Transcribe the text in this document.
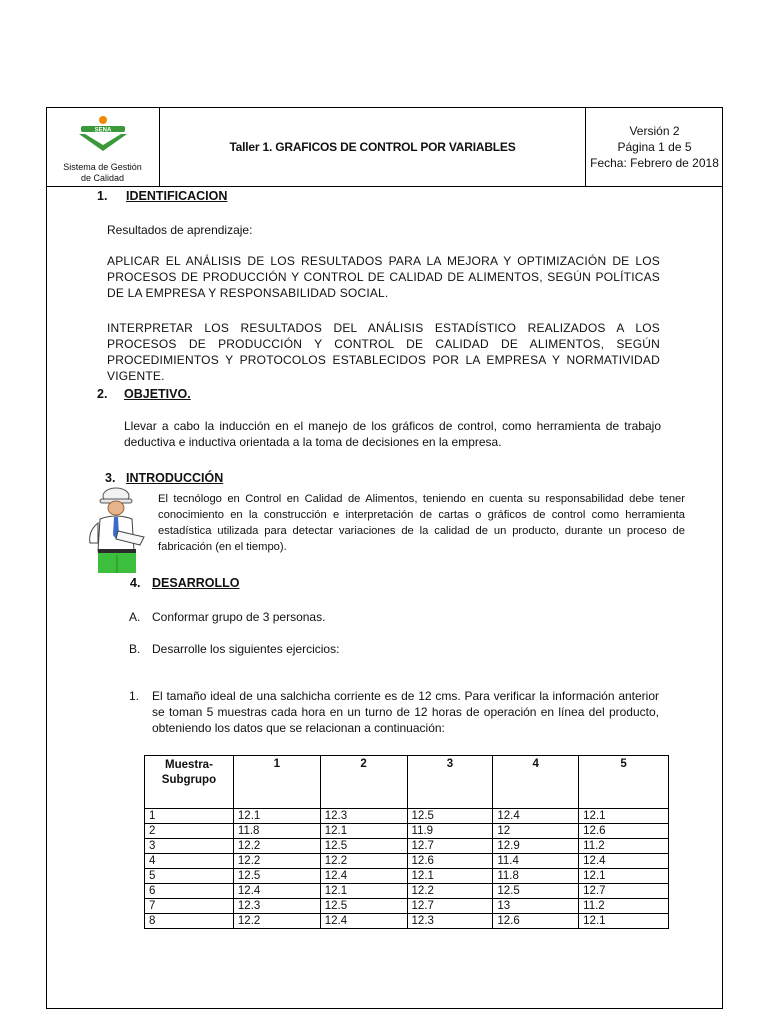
SENA
Sistema de Gestión
de Calidad
Taller 1. GRAFICOS DE CONTROL POR VARIABLES
Versión 2
Página 1 de 5
Fecha: Febrero de 2018
1. IDENTIFICACION
Resultados de aprendizaje:
APLICAR EL ANÁLISIS DE LOS RESULTADOS PARA LA MEJORA Y OPTIMIZACIÓN DE LOS PROCESOS DE PRODUCCIÓN Y CONTROL DE CALIDAD DE ALIMENTOS, SEGÚN POLÍTICAS DE LA EMPRESA Y RESPONSABILIDAD SOCIAL.
INTERPRETAR LOS RESULTADOS DEL ANÁLISIS ESTADÍSTICO REALIZADOS A LOS PROCESOS DE PRODUCCIÓN Y CONTROL DE CALIDAD DE ALIMENTOS, SEGÚN PROCEDIMIENTOS Y PROTOCOLOS ESTABLECIDOS POR LA EMPRESA Y NORMATIVIDAD VIGENTE.
2. OBJETIVO.
Llevar a cabo la inducción en el manejo de los gráficos de control, como herramienta de trabajo deductiva e inductiva orientada a la toma de decisiones en la empresa.
3. INTRODUCCIÓN
El tecnólogo en Control en Calidad de Alimentos, teniendo en cuenta su responsabilidad debe tener conocimiento en la construcción e interpretación de cartas o gráficos de control como herramienta estadística utilizada para detectar variaciones de la calidad de un producto, durante un proceso de fabricación (en el tiempo).
4. DESARROLLO
A. Conformar grupo de 3 personas.
B. Desarrolle los siguientes ejercicios:
1. El tamaño ideal de una salchicha corriente es de 12 cms. Para verificar la información anterior se toman 5 muestras cada hora en un turno de 12 horas de operación en línea del producto, obteniendo los datos que se relacionan a continuación:
Muestra-
Subgrupo	1	2	3	4	5
1	12.1	12.3	12.5	12.4	12.1
2	11.8	12.1	11.9	12	12.6
3	12.2	12.5	12.7	12.9	11.2
4	12.2	12.2	12.6	11.4	12.4
5	12.5	12.4	12.1	11.8	12.1
6	12.4	12.1	12.2	12.5	12.7
7	12.3	12.5	12.7	13	11.2
8	12.2	12.4	12.3	12.6	12.1
